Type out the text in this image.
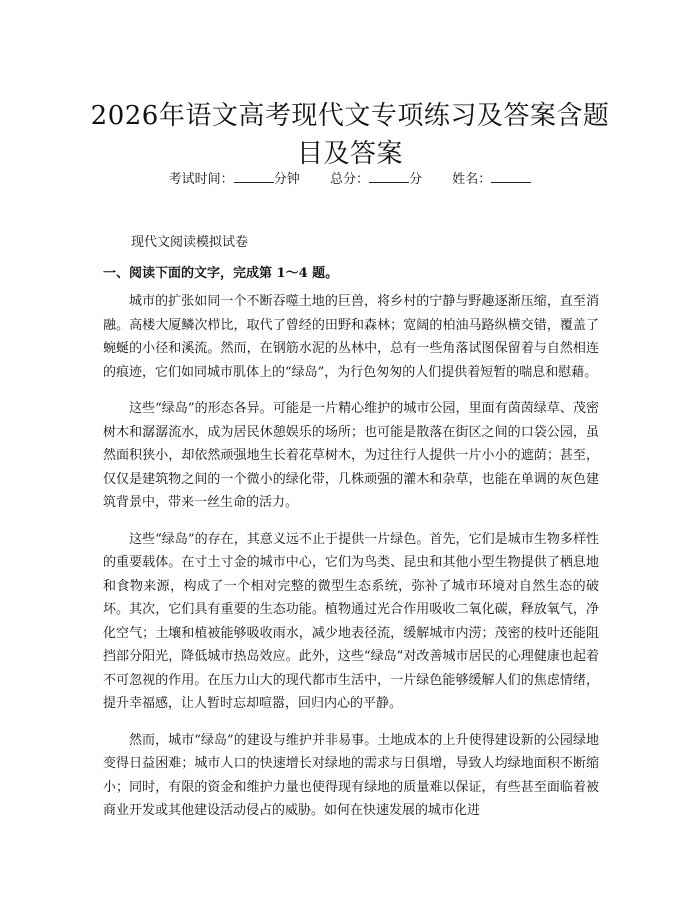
2026年语文高考现代文专项练习及答案含题目及答案
考试时间：	分钟 总分：	分 姓名：
现代文阅读模拟试卷
一、阅读下面的文字，完成第 1～4 题。

城市的扩张如同一个不断吞噬土地的巨兽，将乡村的宁静与野趣逐渐压缩，直至消融。高楼大厦鳞次栉比，取代了曾经的田野和森林；宽阔的柏油马路纵横交错，覆盖了蜿蜒的小径和溪流。然而，在钢筋水泥的丛林中，总有一些角落试图保留着与自然相连的痕迹，它们如同城市肌体上的“绿岛”，为行色匆匆的人们提供着短暂的喘息和慰藉。

这些“绿岛”的形态各异。可能是一片精心维护的城市公园，里面有茵茵绿草、茂密树木和潺潺流水，成为居民休憩娱乐的场所；也可能是散落在街区之间的口袋公园，虽然面积狭小，却依然顽强地生长着花草树木，为过往行人提供一片小小的遮荫；甚至，仅仅是建筑物之间的一个微小的绿化带，几株顽强的灌木和杂草，也能在单调的灰色建筑背景中，带来一丝生命的活力。

这些“绿岛”的存在，其意义远不止于提供一片绿色。首先，它们是城市生物多样性的重要载体。在寸土寸金的城市中心，它们为鸟类、昆虫和其他小型生物提供了栖息地和食物来源，构成了一个相对完整的微型生态系统，弥补了城市环境对自然生态的破坏。其次，它们具有重要的生态功能。植物通过光合作用吸收二氧化碳，释放氧气，净化空气；土壤和植被能够吸收雨水，减少地表径流，缓解城市内涝；茂密的枝叶还能阻挡部分阳光，降低城市热岛效应。此外，这些“绿岛”对改善城市居民的心理健康也起着不可忽视的作用。在压力山大的现代都市生活中，一片绿色能够缓解人们的焦虑情绪，提升幸福感，让人暂时忘却喧嚣，回归内心的平静。

然而，城市“绿岛”的建设与维护并非易事。土地成本的上升使得建设新的公园绿地变得日益困难；城市人口的快速增长对绿地的需求与日俱增，导致人均绿地面积不断缩小；同时，有限的资金和维护力量也使得现有绿地的质量难以保证，有些甚至面临着被商业开发或其他建设活动侵占的威胁。如何在快速发展的城市化进
